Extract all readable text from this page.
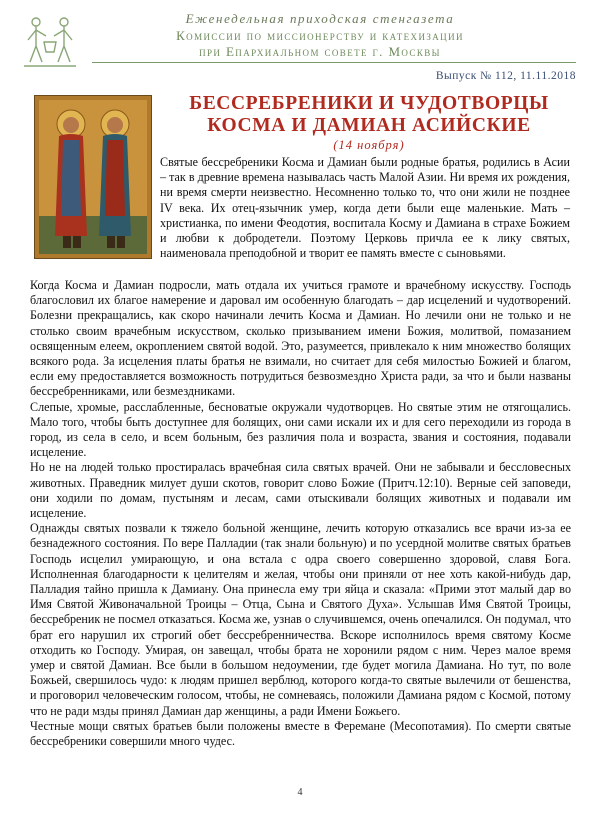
Еженедельная приходская стенгазета
Комиссии по миссионерству и катехизации
при Епархиальном совете г. Москвы
Выпуск № 112, 11.11.2018
БЕССРЕБРЕНИКИ И ЧУДОТВОРЦЫ
КОСМА И ДАМИАН АСИЙСКИЕ
(14 ноября)

Святые бессребреники Косма и Дамиан были родные братья, родились в Асии – так в древние времена называлась часть Малой Азии. Ни время их рождения, ни время смерти неизвестно. Несомненно только то, что они жили не позднее IV века. Их отец-язычник умер, когда дети были еще маленькие. Мать – христианка, по имени Феодотия, воспитала Косму и Дамиана в страхе Божием и любви к добродетели. Поэтому Церковь причла ее к лику святых, наименовала преподобной и творит ее память вместе с сыновьями.

Когда Косма и Дамиан подросли, мать отдала их учиться грамоте и врачебному искусству. Господь благословил их благое намерение и даровал им особенную благодать – дар исцелений и чудотворений. Болезни прекращались, как скоро начинали лечить Косма и Дамиан. Но лечили они не только и не столько своим врачебным искусством, сколько призыванием имени Божия, молитвой, помазанием освященным елеем, окроплением святой водой. Это, разумеется, привлекало к ним множество болящих всякого рода. За исцеления платы братья не взимали, но считает для себя милостью Божией и благом, если ему предоставляется возможность потрудиться безвозмездно Христа ради, за что и были названы бессребренниками, или безмездниками.

Слепые, хромые, расслабленные, бесноватые окружали чудотворцев. Но святые этим не отягощались. Мало того, чтобы быть доступнее для болящих, они сами искали их и для сего переходили из города в город, из села в село, и всем больным, без различия пола и возраста, звания и состояния, подавали исцеление.

Но не на людей только простиралась врачебная сила святых врачей. Они не забывали и бессловесных животных. Праведник милует души скотов, говорит слово Божие (Притч.12:10). Верные сей заповеди, они ходили по домам, пустыням и лесам, сами отыскивали болящих животных и подавали им исцеление.

Однажды святых позвали к тяжело больной женщине, лечить которую отказались все врачи из-за ее безнадежного состояния. По вере Палладии (так знали больную) и по усердной молитве святых братьев Господь исцелил умирающую, и она встала с одра своего совершенно здоровой, славя Бога. Исполненная благодарности к целителям и желая, чтобы они приняли от нее хоть какой-нибудь дар, Палладия тайно пришла к Дамиану. Она принесла ему три яйца и сказала: «Прими этот малый дар во Имя Святой Живоначальной Троицы – Отца, Сына и Святого Духа». Услышав Имя Святой Троицы, бессребреник не посмел отказаться. Косма же, узнав о случившемся, очень опечалился. Он подумал, что брат его нарушил их строгий обет бессребренничества. Вскоре исполнилось время святому Косме отходить ко Господу. Умирая, он завещал, чтобы брата не хоронили рядом с ним. Через малое время умер и святой Дамиан. Все были в большом недоумении, где будет могила Дамиана. Но тут, по воле Божьей, свершилось чудо: к людям пришел верблюд, которого когда-то святые вылечили от бешенства, и проговорил человеческим голосом, чтобы, не сомневаясь, положили Дамиана рядом с Космой, потому что не ради мзды принял Дамиан дар женщины, а ради Имени Божьего.

Честные мощи святых братьев были положены вместе в Феремане (Месопотамия). По смерти святые бессребреники совершили много чудес.

4
